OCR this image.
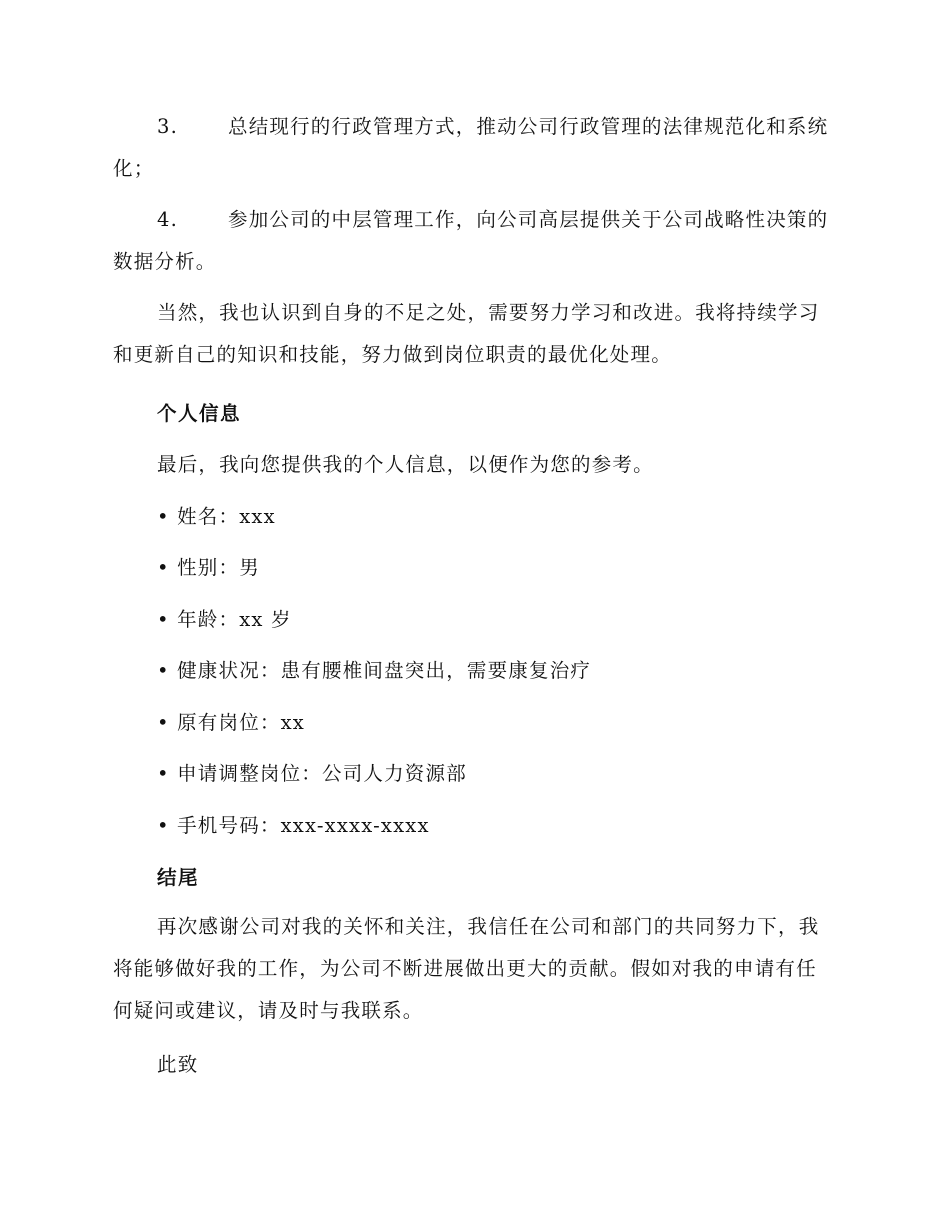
3.	总结现行的行政管理方式，推动公司行政管理的法律规范化和系统化；

4.	参加公司的中层管理工作，向公司高层提供关于公司战略性决策的数据分析。

当然，我也认识到自身的不足之处，需要努力学习和改进。我将持续学习和更新自己的知识和技能，努力做到岗位职责的最优化处理。

个人信息

最后，我向您提供我的个人信息，以便作为您的参考。

• 姓名：xxx

• 性别：男

• 年龄：xx 岁

• 健康状况：患有腰椎间盘突出，需要康复治疗

• 原有岗位：xx

• 申请调整岗位：公司人力资源部

• 手机号码：xxx-xxxx-xxxx

结尾

再次感谢公司对我的关怀和关注，我信任在公司和部门的共同努力下，我将能够做好我的工作，为公司不断进展做出更大的贡献。假如对我的申请有任何疑问或建议，请及时与我联系。

此致
